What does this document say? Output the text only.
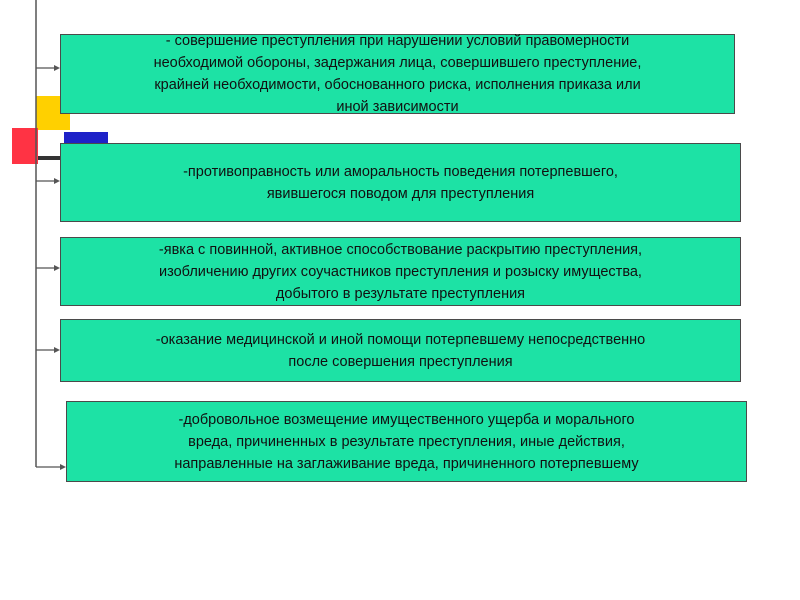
- совершение преступления при нарушении условий правомерности
необходимой обороны, задержания лица, совершившего преступление,
крайней необходимости, обоснованного риска, исполнения приказа или
иной зависимости
-противоправность или аморальность поведения потерпевшего,
явившегося поводом для преступления
-явка с повинной, активное способствование раскрытию преступления,
изобличению других соучастников преступления и розыску имущества,
добытого в результате преступления
-оказание медицинской и иной помощи потерпевшему непосредственно
после совершения преступления
-добровольное возмещение имущественного ущерба и морального
вреда, причиненных в результате преступления, иные действия,
направленные на заглаживание вреда, причиненного потерпевшему
